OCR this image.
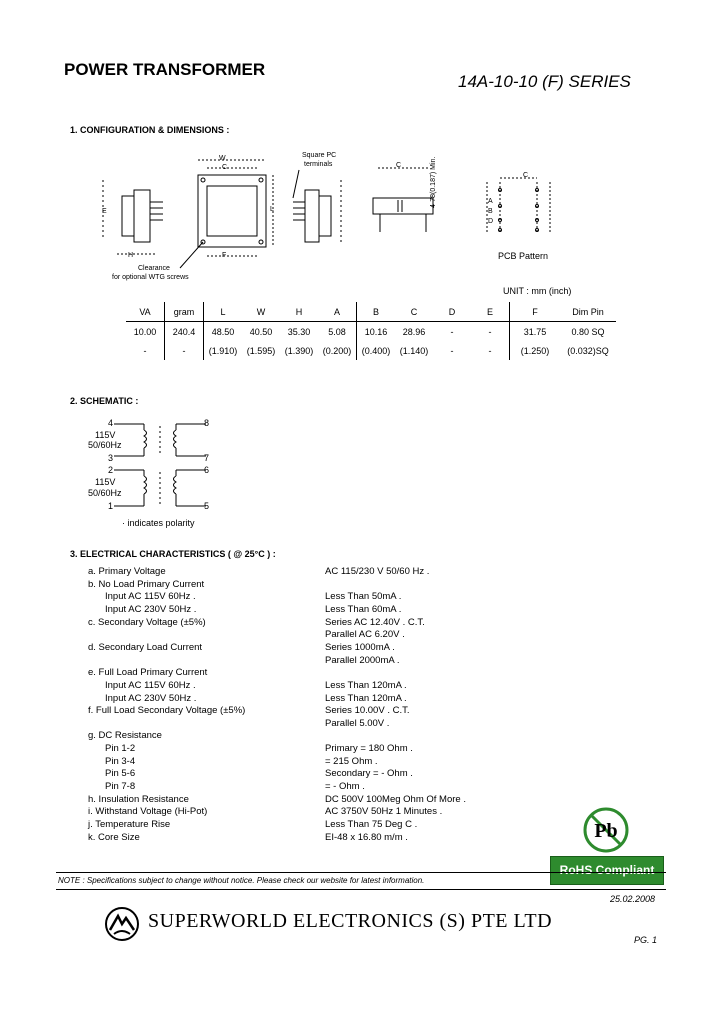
POWER TRANSFORMER
14A-10-10 (F) SERIES
1. CONFIGURATION & DIMENSIONS :
W
C
L
H	F
E
C
C
A
B
D
Square PC
terminals
Clearance
for optional WTG screws
4-78(0.187) Min.
PCB Pattern
UNIT : mm (inch)
VA	gram	L	W	H	A	B	C	D	E	F	Dim Pin
10.00	240.4	48.50	40.50	35.30	5.08	10.16	28.96	-	-	31.75	0.80 SQ
-	-	(1.910)	(1.595)	(1.390)	(0.200)	(0.400)	(1.140)	-	-	(1.250)	(0.032)SQ
2. SCHEMATIC :
4	8
115V
50/60Hz
3	7
2	6
115V
50/60Hz
1	5
· indicates polarity
3. ELECTRICAL CHARACTERISTICS ( @ 25°C ) :
a. Primary Voltage	AC 115/230 V 50/60 Hz .
b. No Load Primary Current
Input AC 115V 60Hz .	Less Than 50mA .
Input AC 230V 50Hz .	Less Than 60mA .
c. Secondary Voltage (±5%)	Series AC 12.40V . C.T.
Parallel AC 6.20V .
d. Secondary Load Current	Series 1000mA .
Parallel 2000mA .
e. Full Load Primary Current
Input AC 115V 60Hz .	Less Than 120mA .
Input AC 230V 50Hz .	Less Than 120mA .
f. Full Load Secondary Voltage (±5%)	Series 10.00V . C.T.
Parallel 5.00V .
g. DC Resistance
Pin 1-2	Primary = 180 Ohm .
Pin 3-4	= 215 Ohm .
Pin 5-6	Secondary = - Ohm .
Pin 7-8	= - Ohm .
h. Insulation Resistance	DC 500V 100Meg Ohm Of More .
i. Withstand Voltage (Hi-Pot)	AC 3750V 50Hz 1 Minutes .
j. Temperature Rise	Less Than 75 Deg C .
k. Core Size	EI-48 x 16.80 m/m .	Pb
RoHS Compliant
NOTE : Specifications subject to change without notice. Please check our website for latest information.
25.02.2008
SUPERWORLD ELECTRONICS (S) PTE LTD
PG. 1
